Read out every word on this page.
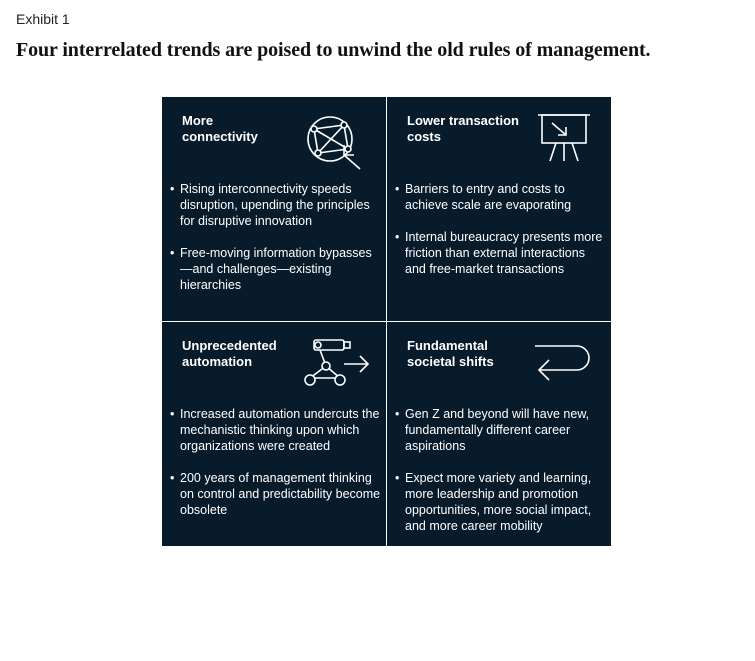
Exhibit 1
Four interrelated trends are poised to unwind the old rules of management.
More
connectivity
• Rising interconnectivity speeds disruption, upending the principles for disruptive innovation
• Free-moving information bypasses—and challenges—existing hierarchies
Lower transaction
costs
• Barriers to entry and costs to achieve scale are evaporating
• Internal bureaucracy presents more friction than external interactions and free-market transactions
Unprecedented
automation
• Increased automation undercuts the mechanistic thinking upon which organizations were created
• 200 years of management thinking on control and predictability become obsolete
Fundamental
societal shifts
• Gen Z and beyond will have new, fundamentally different career aspirations
• Expect more variety and learning, more leadership and promotion opportunities, more social impact, and more career mobility
